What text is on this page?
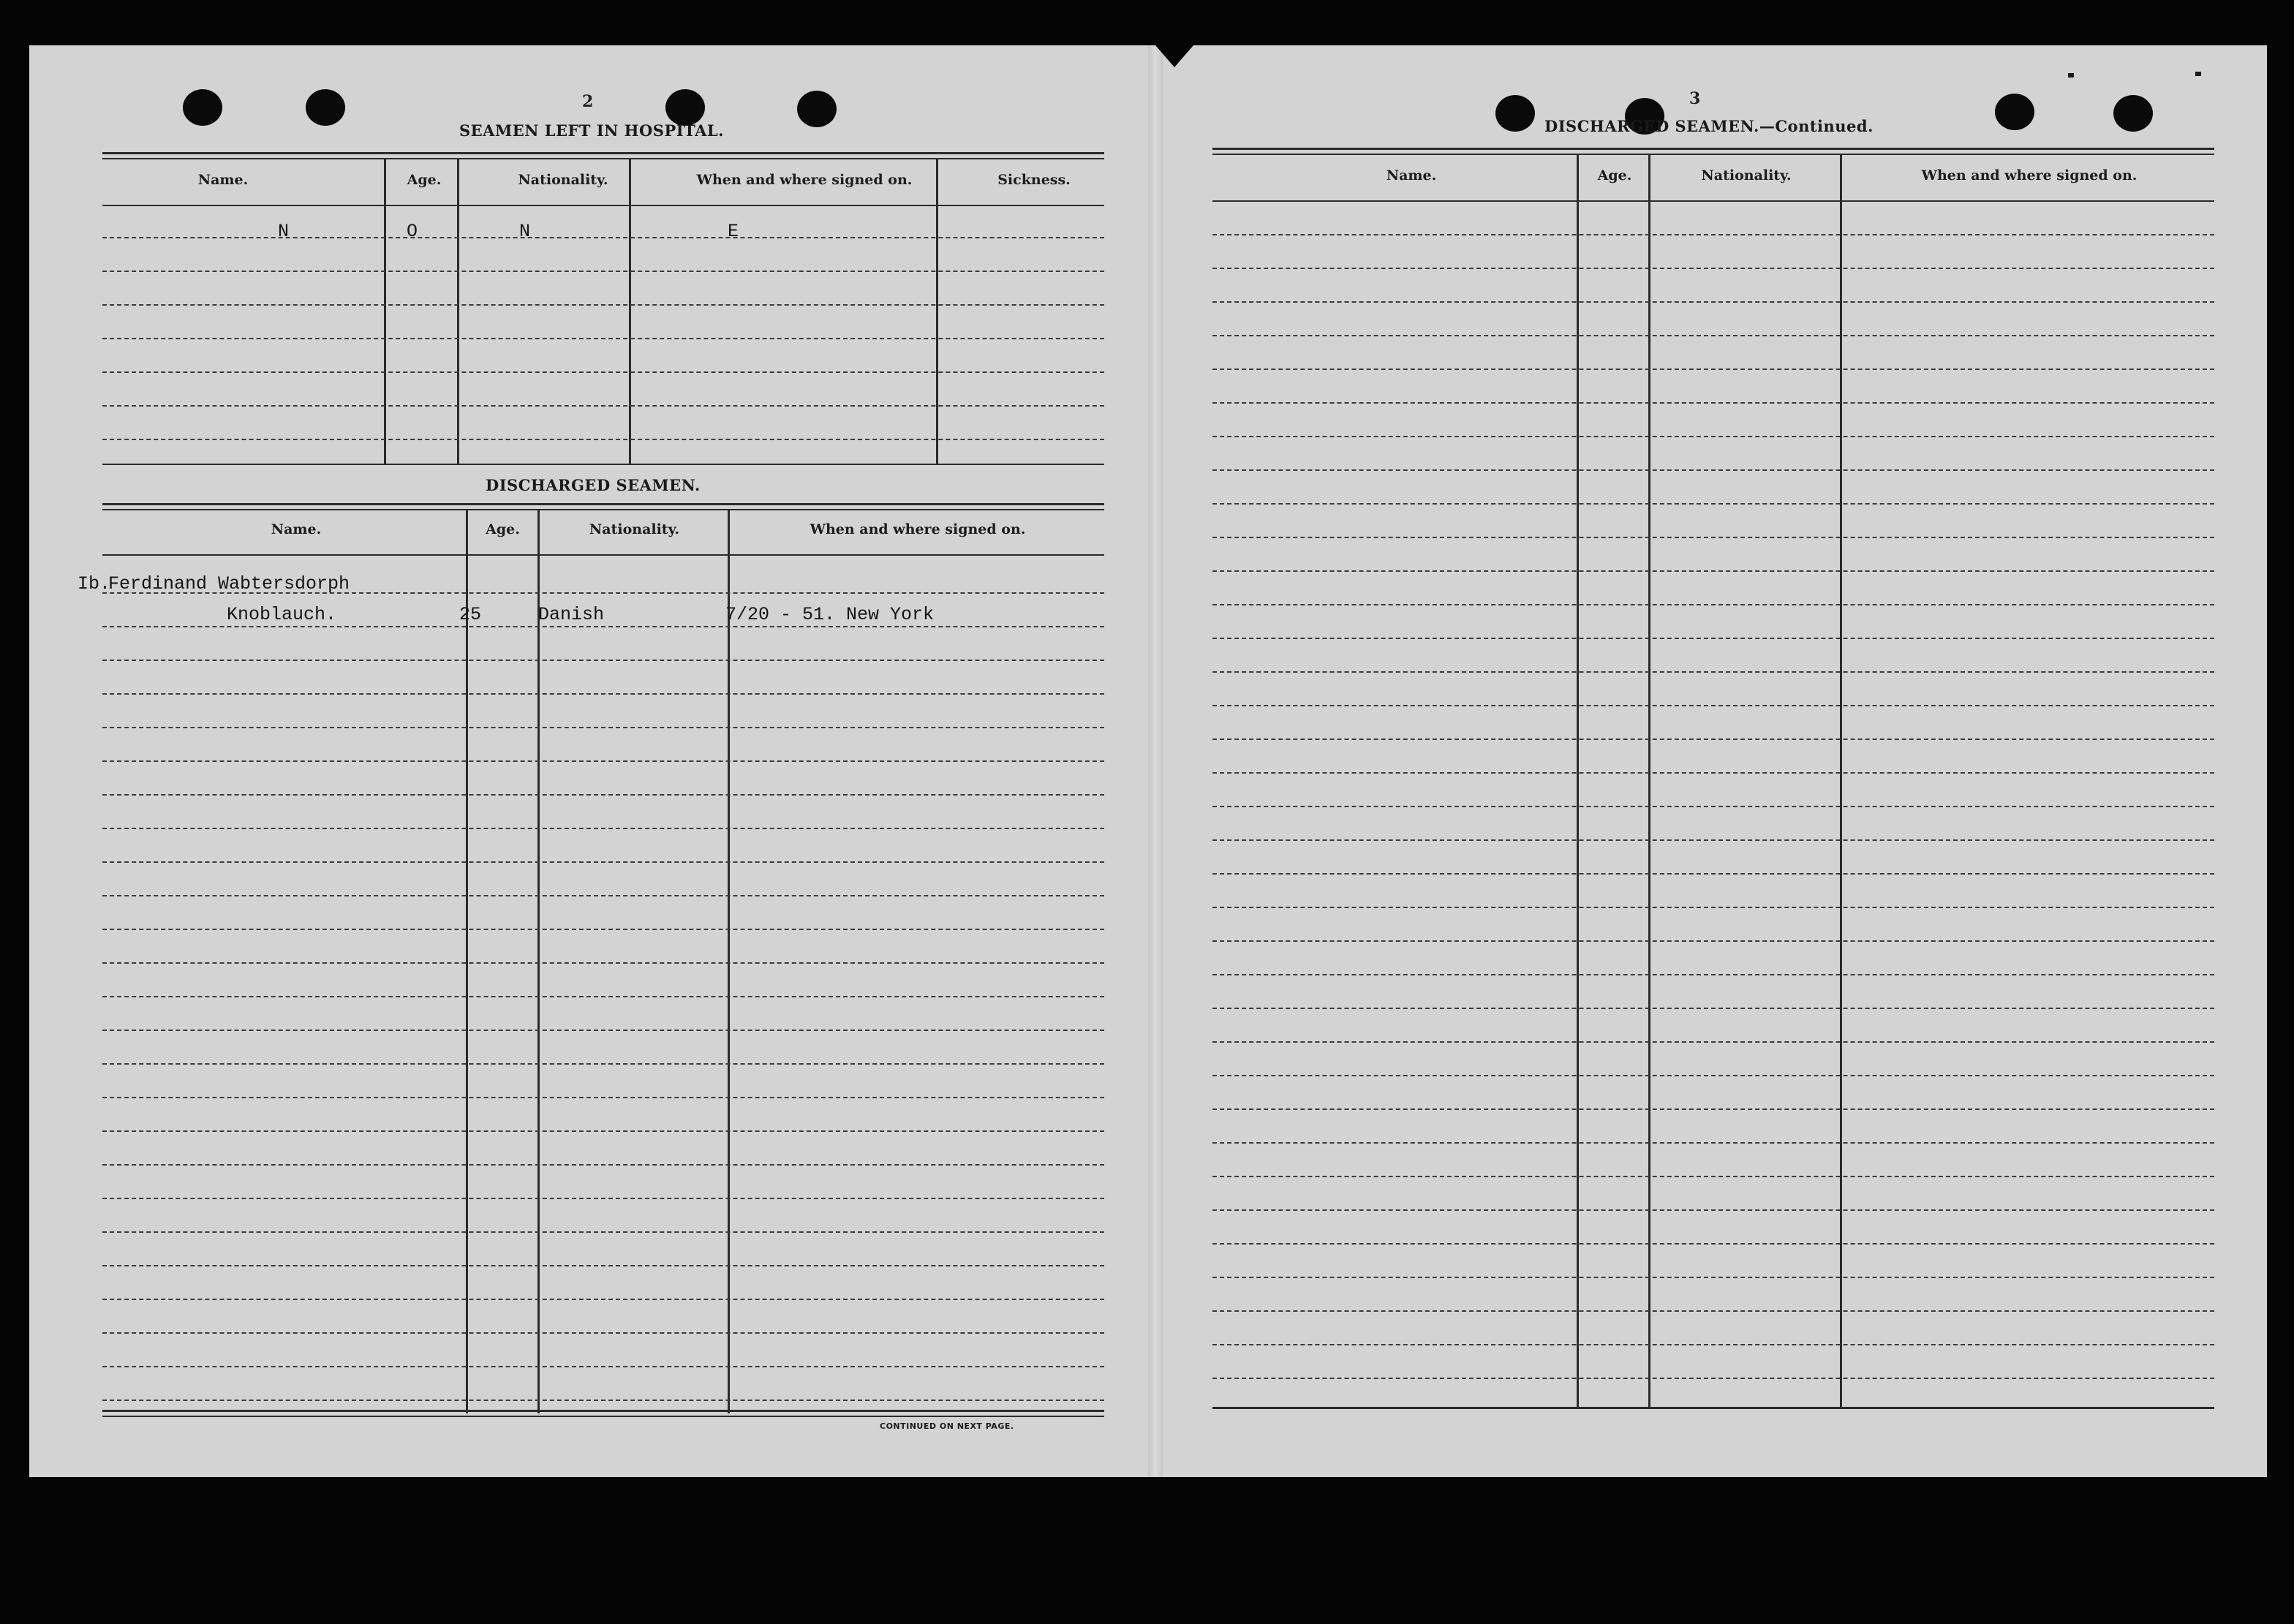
2
SEAMEN LEFT IN HOSPITAL.
Name.	Age.	Nationality.	When and where signed on.	Sickness.
N	O	N	E
DISCHARGED SEAMEN.
Name.	Age.	Nationality.	When and where signed on.
Ib.
Ferdinand Wabtersdorph
Knoblauch.	25	Danish	7/20 - 51. New York
CONTINUED ON NEXT PAGE.
3
DISCHARGED SEAMEN.—Continued.
Name.	Age.	Nationality.	When and where signed on.
